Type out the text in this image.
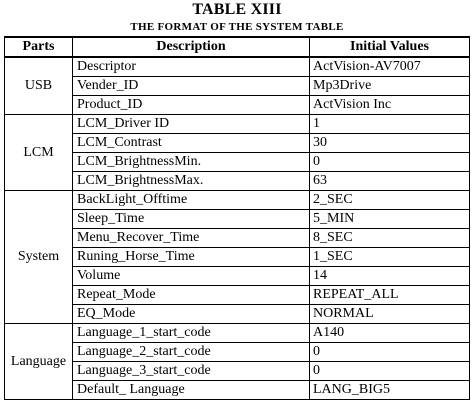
TABLE XIII
THE FORMAT OF THE SYSTEM TABLE
Parts	Description	Initial Values
USB	Descriptor	ActVision-AV7007
	Vender_ID	Mp3Drive
	Product_ID	ActVision Inc
LCM	LCM_Driver ID	1
	LCM_Contrast	30
	LCM_BrightnessMin.	0
	LCM_BrightnessMax.	63
System	BackLight_Offtime	2_SEC
	Sleep_Time	5_MIN
	Menu_Recover_Time	8_SEC
	Runing_Horse_Time	1_SEC
	Volume	14
	Repeat_Mode	REPEAT_ALL
	EQ_Mode	NORMAL
Language	Language_1_start_code	A140
	Language_2_start_code	0
	Language_3_start_code	0
	Default_ Language	LANG_BIG5
